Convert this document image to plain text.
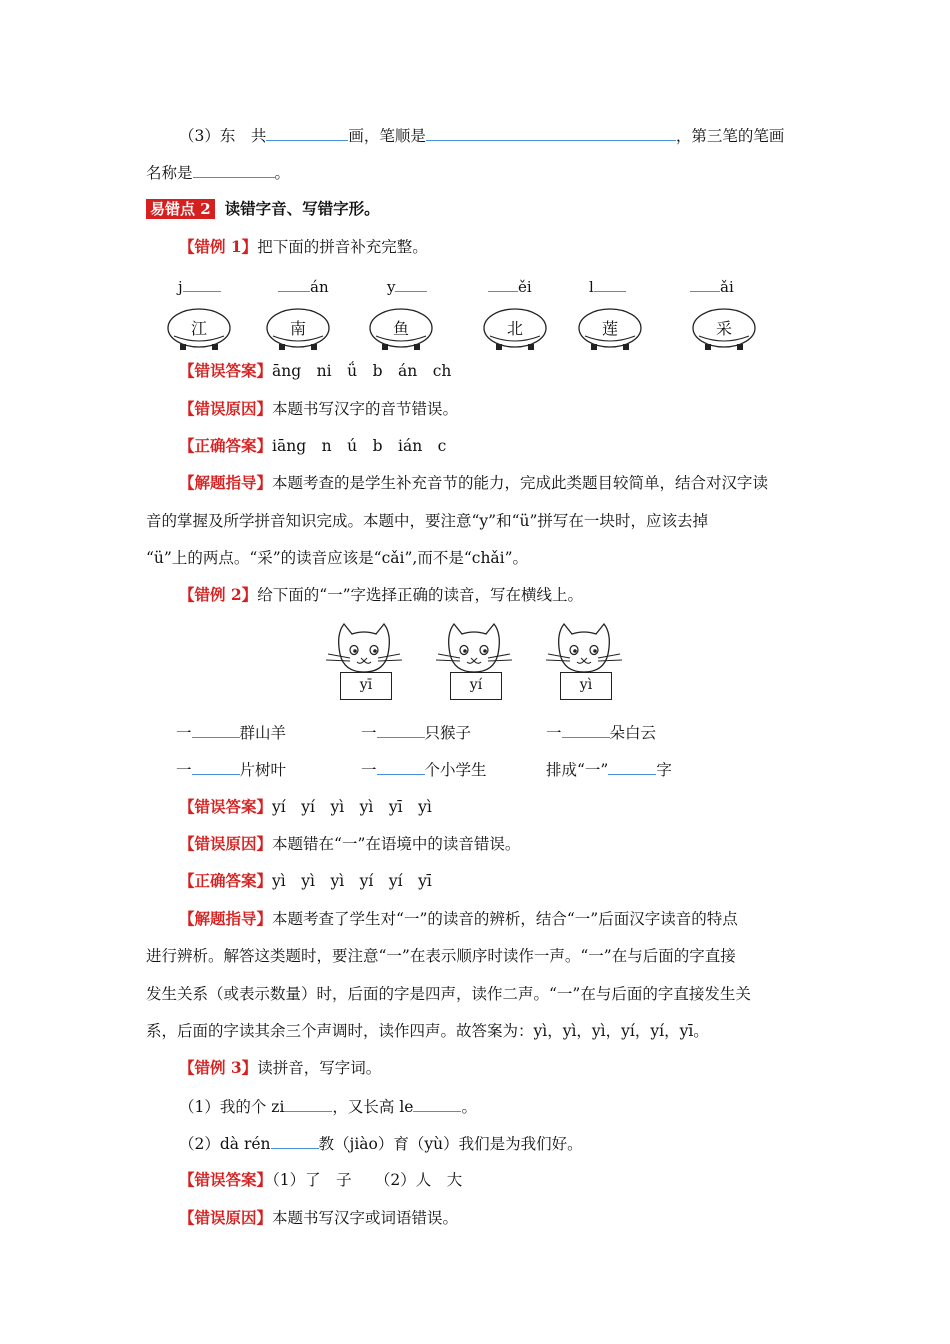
（3）东　共	画，笔顺是	，第三笔的笔画
名称是	。
易错点 2 读错字音、写错字形。
【错例 1】把下面的拼音补充完整。
j	án	y	ěi	l	ǎi
江	南	鱼	北	莲	采
【错误答案】āng　ni　ǘ　b　án　ch
【错误原因】本题书写汉字的音节错误。
【正确答案】iāng　n　ú　b　ián　c
【解题指导】本题考查的是学生补充音节的能力，完成此类题目较简单，结合对汉字读
音的掌握及所学拼音知识完成。本题中，要注意“y”和“ü”拼写在一块时，应该去掉
“ü”上的两点。“采”的读音应该是“cǎi”,而不是“chǎi”。
【错例 2】给下面的“一”字选择正确的读音，写在横线上。
yī	yí	yì
一	群山羊	一	只猴子	一	朵白云
一	片树叶	一	个小学生	排成“一”	字
【错误答案】yí　yí　yì　yì　yī　yì
【错误原因】本题错在“一”在语境中的读音错误。
【正确答案】yì　yì　yì　yí　yí　yī
【解题指导】本题考查了学生对“一”的读音的辨析，结合“一”后面汉字读音的特点
进行辨析。解答这类题时，要注意“一”在表示顺序时读作一声。“一”在与后面的字直接
发生关系（或表示数量）时，后面的字是四声，读作二声。“一”在与后面的字直接发生关
系，后面的字读其余三个声调时，读作四声。故答案为：yì，yì，yì，yí，yí，yī。
【错例 3】读拼音，写字词。
（1）我的个 zi	，又长高 le	。
（2）dà rén	教（jiào）育（yù）我们是为我们好。
【错误答案】（1）了　子　　（2）人　大
【错误原因】本题书写汉字或词语错误。
